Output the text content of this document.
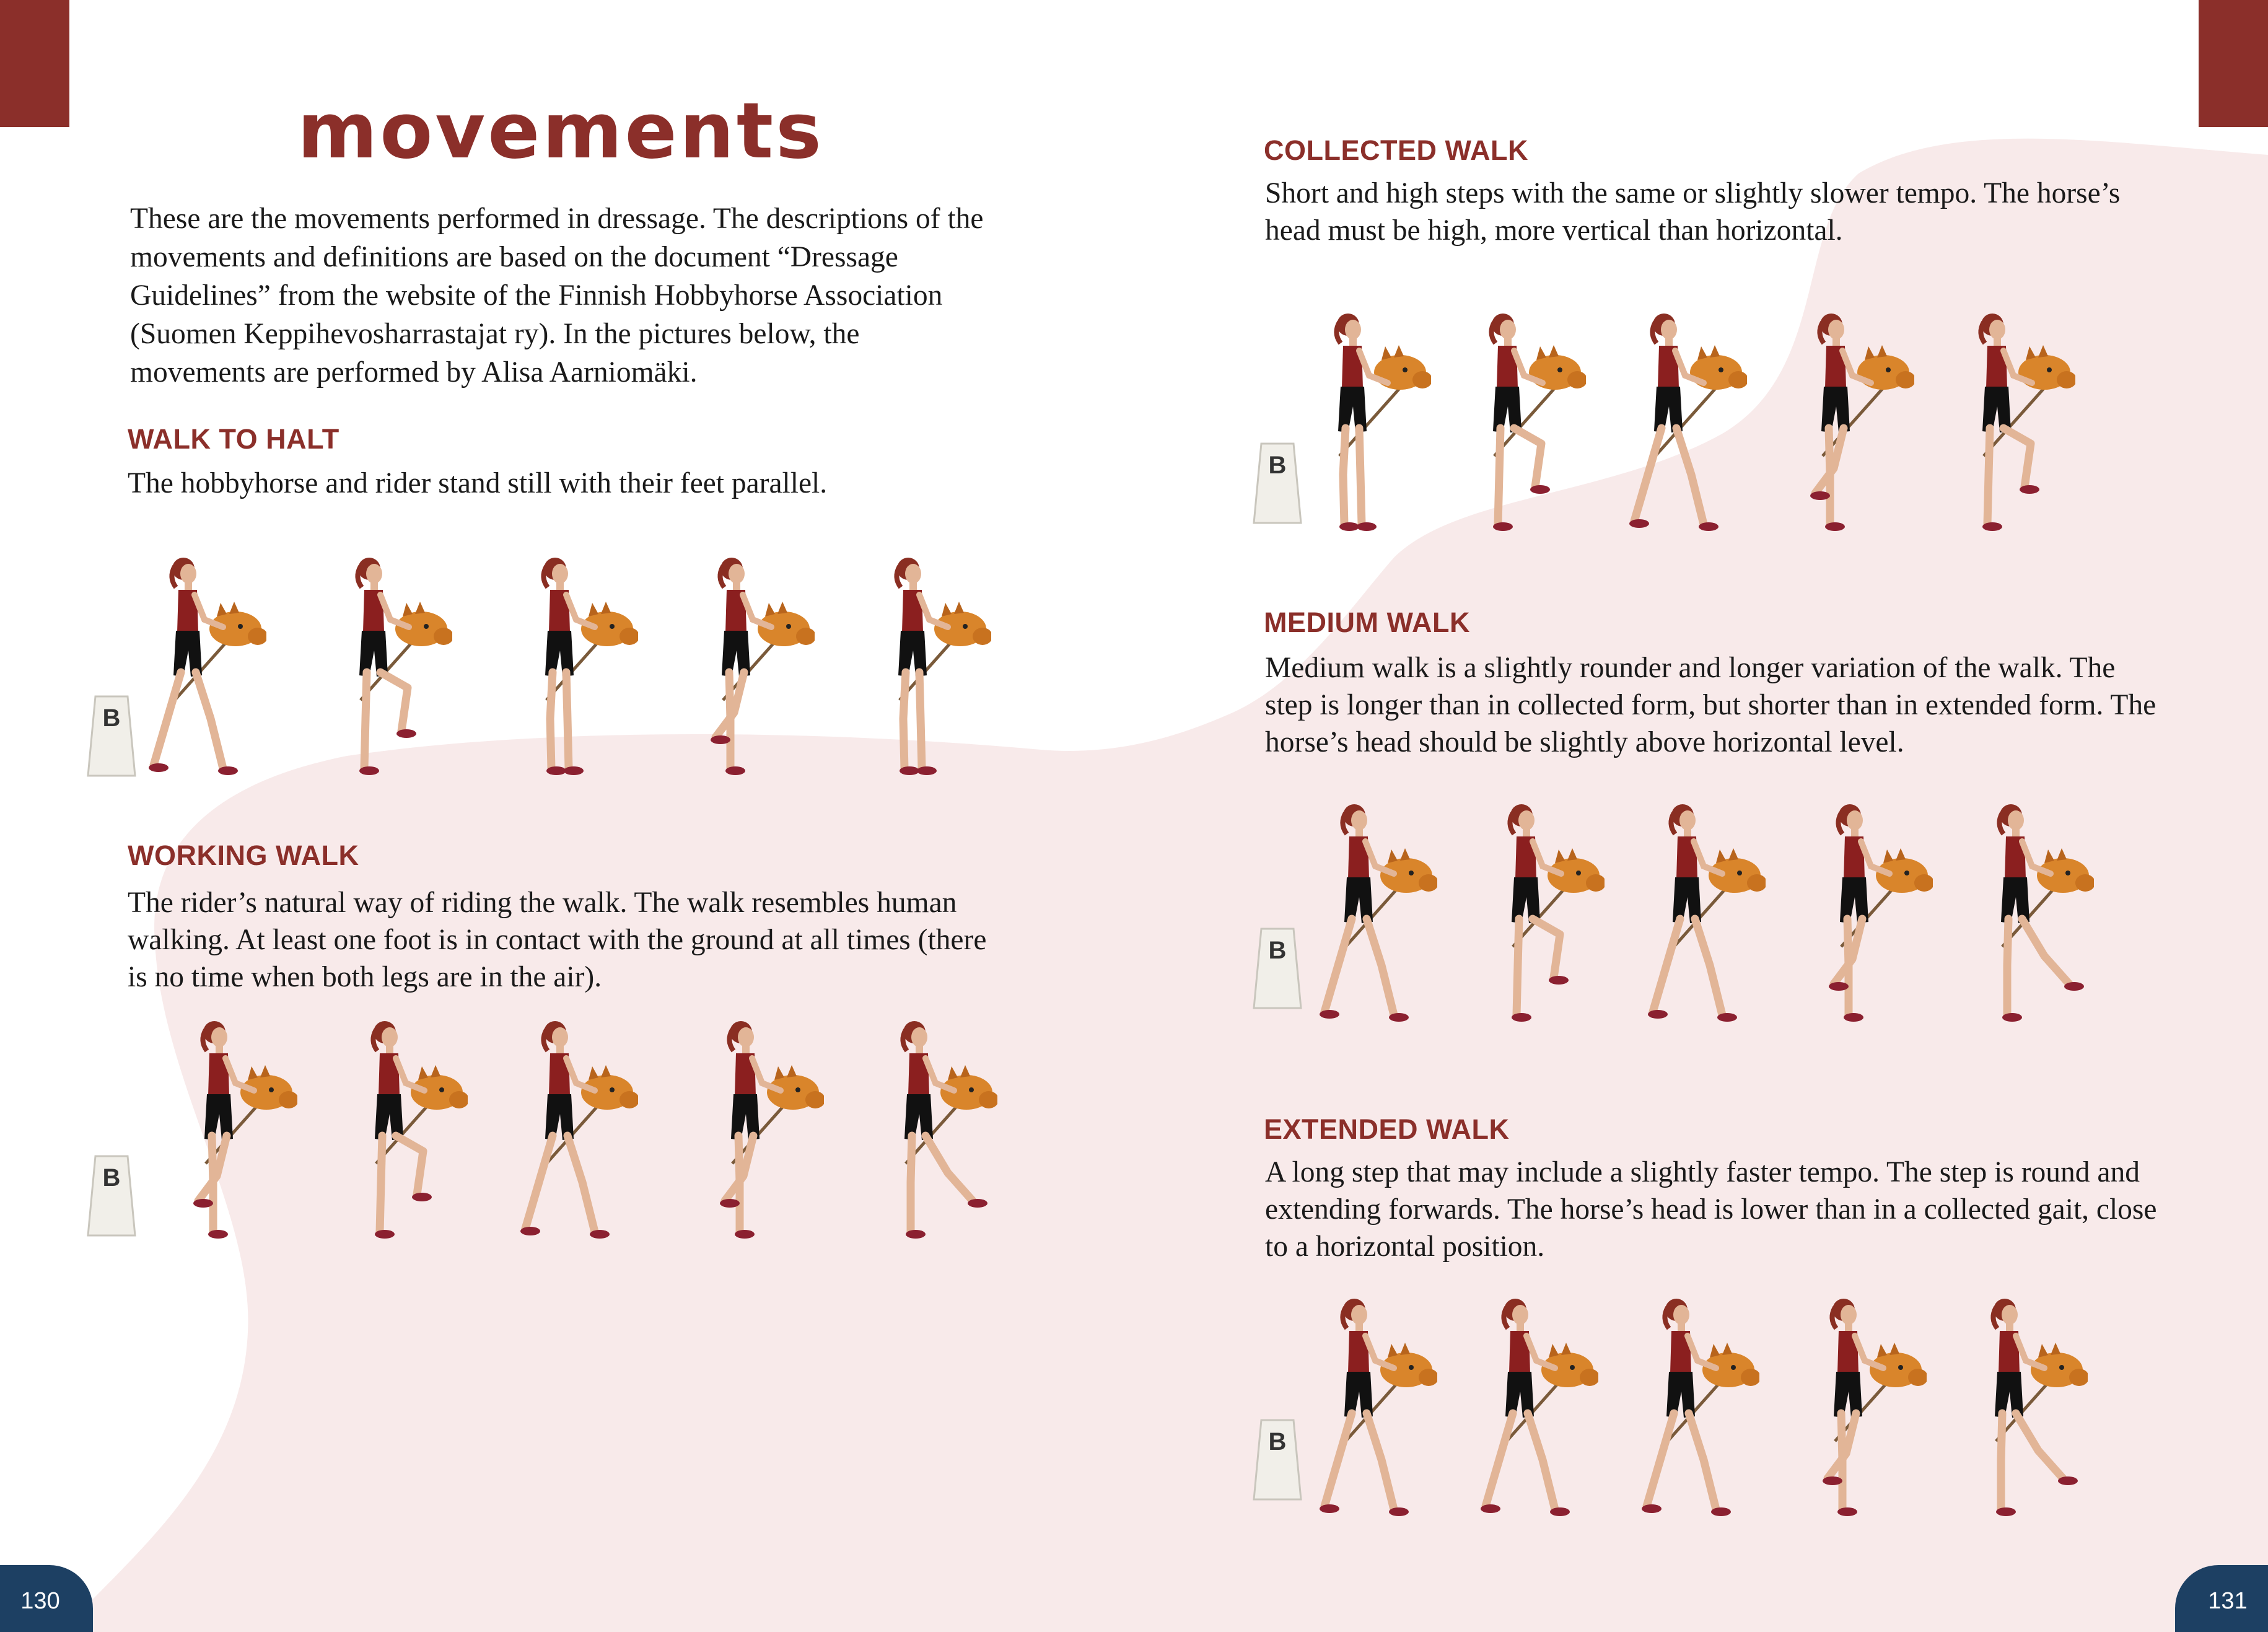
movements

These are the movements performed in dressage. The descriptions of the movements and definitions are based on the document “Dressage Guidelines” from the website of the Finnish Hobbyhorse Association (Suomen Keppihevosharrastajat ry). In the pictures below, the movements are performed by Alisa Aarniomäki.

WALK TO HALT

The hobbyhorse and rider stand still with their feet parallel.

WORKING WALK

The rider’s natural way of riding the walk. The walk resembles human walking. At least one foot is in contact with the ground at all times (there is no time when both legs are in the air).

COLLECTED WALK

Short and high steps with the same or slightly slower tempo. The horse’s head must be high, more vertical than horizontal.

MEDIUM WALK

Medium walk is a slightly rounder and longer variation of the walk. The step is longer than in collected form, but shorter than in extended form. The horse’s head should be slightly above horizontal level.

EXTENDED WALK

A long step that may include a slightly faster tempo. The step is round and extending forwards. The horse’s head is lower than in a collected gait, close to a horizontal position.

130	131
B
B
B
B
B
